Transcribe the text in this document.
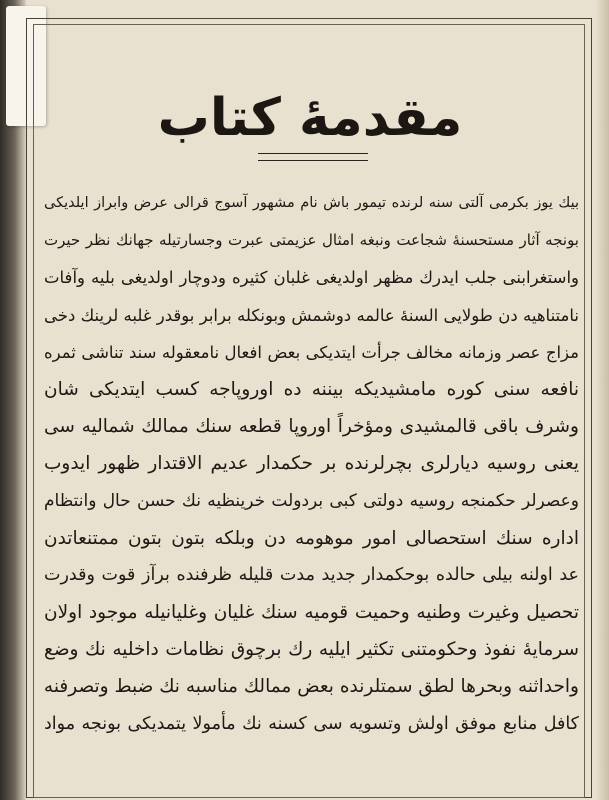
مقدمهٔ کتاب
بیك یوز بکرمی آلتی سنه لرنده تیمور باش نام مشهور آسوج قرالی عرض وابراز ایلدیکی
بونجه آثار مستحسنهٔ شجاعت ونبغه امثال عزیمتی عبرت وجسارتیله جهانك نظر حیرت
واستغرابنی جلب ایدرك مظهر اولدیغی غلبان کثیره ودوچار اولدیغی بلیه وآفات
نامتناهیه دن طولایی السنهٔ عالمه دوشمش وبونکله برابر بوقدر غلبه لرینك دخی
مزاج عصر وزمانه مخالف جرأت ایتدیکی بعض افعال نامعقوله سند تناشی ثمره
نافعه سنی کوره مامشیدیکه بیننه ده اوروپاجه کسب ایتدیکی شان
وشرف باقی قالمشیدی ومؤخراً اوروپا قطعه سنك ممالك شمالیه سی
یعنی روسیه دیارلری بچرلرنده بر حکمدار عدیم الاقتدار ظهور ایدوب
وعصرلر حکمنجه روسیه دولتی کبی بردولت خرینظیه نك حسن حال وانتظام
اداره سنك استحصالی امور موهومه دن وبلکه بتون بتون ممتنعاتدن
عد اولنه بیلی حالده بوحکمدار جدید مدت قلیله ظرفنده برآز قوت وقدرت
تحصیل وغیرت وطنیه وحمیت قومیه سنك غلیان وغلیانیله موجود اولان
سرمایهٔ نفوذ وحکومتنی تکثیر ایلیه رك برچوق نظامات داخلیه نك وضع
واحداثنه وبحرها لطق سمتلرنده بعض ممالك مناسبه نك ضبط وتصرفنه
کافل منابع موفق اولش وتسویه سی کسنه نك مأمولا یتمدیکی بونجه مواد
